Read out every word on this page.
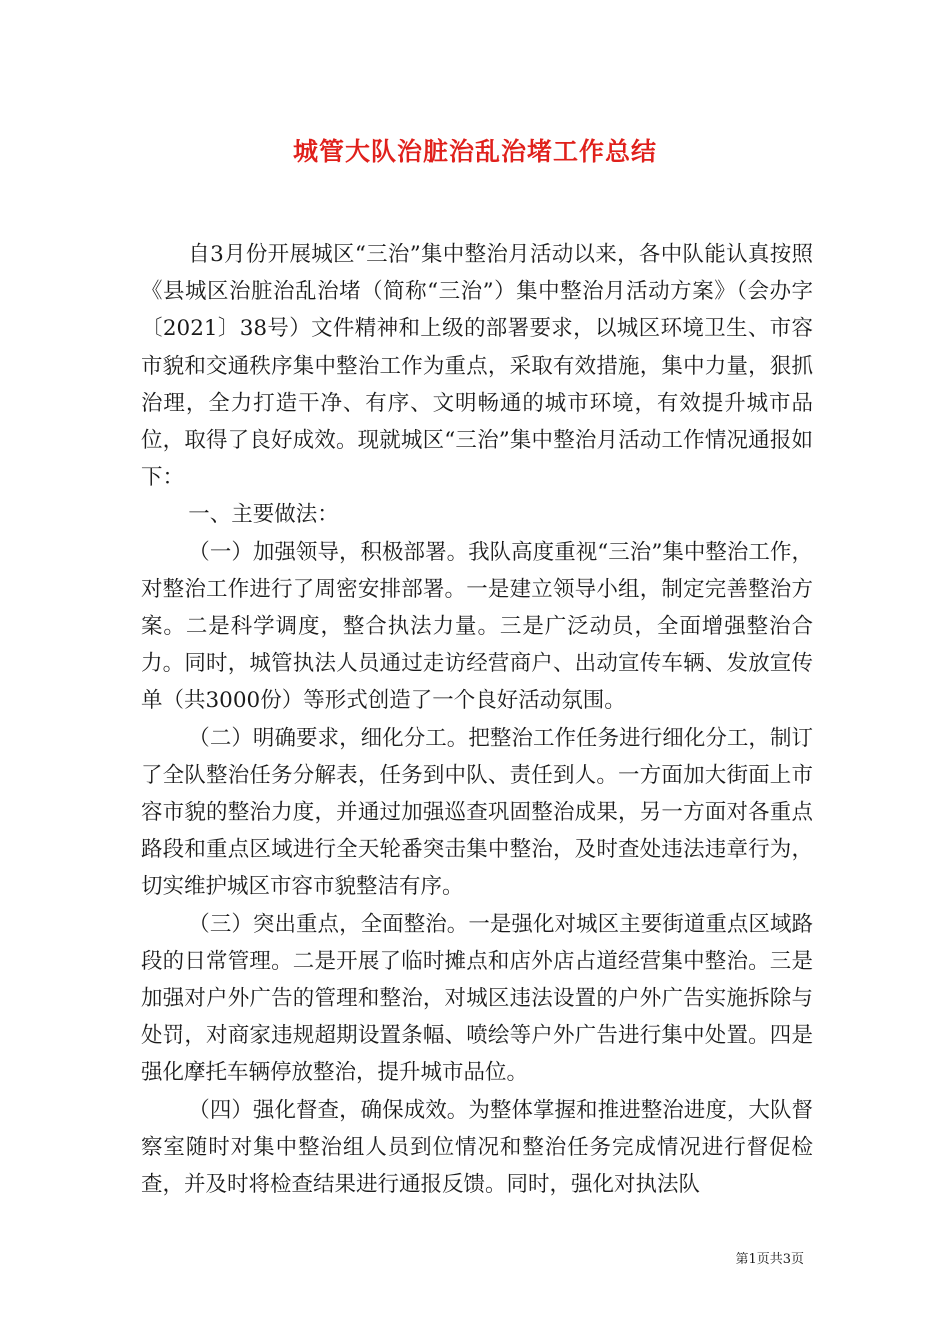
城管大队治脏治乱治堵工作总结

自3月份开展城区“三治”集中整治月活动以来，各中队能认真按照《县城区治脏治乱治堵（简称“三治”）集中整治月活动方案》（会办字〔2021〕38号）文件精神和上级的部署要求，以城区环境卫生、市容市貌和交通秩序集中整治工作为重点，采取有效措施，集中力量，狠抓治理，全力打造干净、有序、文明畅通的城市环境，有效提升城市品位，取得了良好成效。现就城区“三治”集中整治月活动工作情况通报如下：

一、主要做法：

（一）加强领导，积极部署。我队高度重视“三治”集中整治工作，对整治工作进行了周密安排部署。一是建立领导小组，制定完善整治方案。二是科学调度，整合执法力量。三是广泛动员，全面增强整治合力。同时，城管执法人员通过走访经营商户、出动宣传车辆、发放宣传单（共3000份）等形式创造了一个良好活动氛围。

（二）明确要求，细化分工。把整治工作任务进行细化分工，制订了全队整治任务分解表，任务到中队、责任到人。一方面加大街面上市容市貌的整治力度，并通过加强巡查巩固整治成果，另一方面对各重点路段和重点区域进行全天轮番突击集中整治，及时查处违法违章行为，切实维护城区市容市貌整洁有序。

（三）突出重点，全面整治。一是强化对城区主要街道重点区域路段的日常管理。二是开展了临时摊点和店外店占道经营集中整治。三是加强对户外广告的管理和整治，对城区违法设置的户外广告实施拆除与处罚，对商家违规超期设置条幅、喷绘等户外广告进行集中处置。四是强化摩托车辆停放整治，提升城市品位。

（四）强化督查，确保成效。为整体掌握和推进整治进度，大队督察室随时对集中整治组人员到位情况和整治任务完成情况进行督促检查，并及时将检查结果进行通报反馈。同时，强化对执法队

第1页共3页
